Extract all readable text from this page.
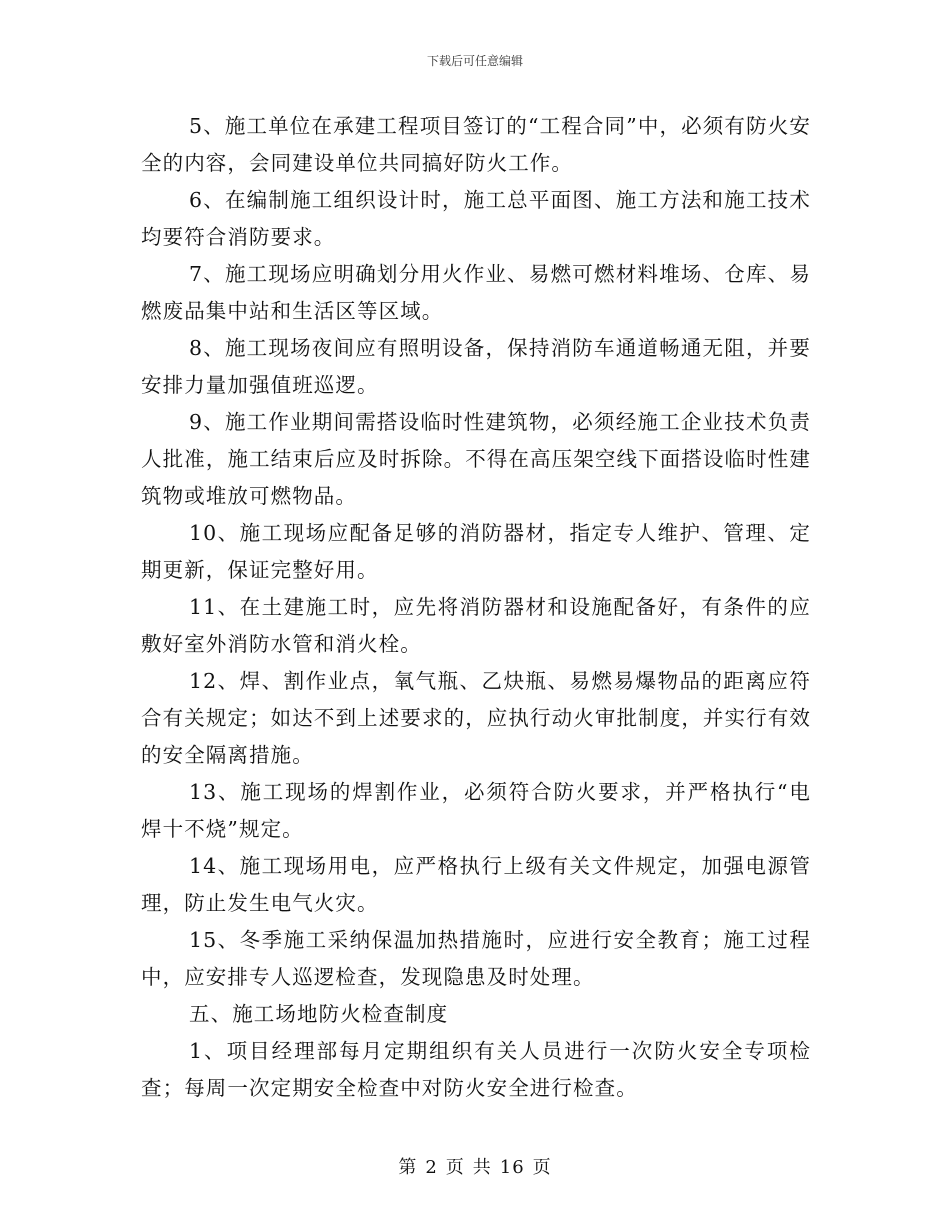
下载后可任意编辑

5、施工单位在承建工程项目签订的“工程合同”中，必须有防火安全的内容，会同建设单位共同搞好防火工作。

6、在编制施工组织设计时，施工总平面图、施工方法和施工技术均要符合消防要求。

7、施工现场应明确划分用火作业、易燃可燃材料堆场、仓库、易燃废品集中站和生活区等区域。

8、施工现场夜间应有照明设备，保持消防车通道畅通无阻，并要安排力量加强值班巡逻。

9、施工作业期间需搭设临时性建筑物，必须经施工企业技术负责人批准，施工结束后应及时拆除。不得在高压架空线下面搭设临时性建筑物或堆放可燃物品。

10、施工现场应配备足够的消防器材，指定专人维护、管理、定期更新，保证完整好用。

11、在土建施工时，应先将消防器材和设施配备好，有条件的应敷好室外消防水管和消火栓。

12、焊、割作业点，氧气瓶、乙炔瓶、易燃易爆物品的距离应符合有关规定；如达不到上述要求的，应执行动火审批制度，并实行有效的安全隔离措施。

13、施工现场的焊割作业，必须符合防火要求，并严格执行“电焊十不烧”规定。

14、施工现场用电，应严格执行上级有关文件规定，加强电源管理，防止发生电气火灾。

15、冬季施工采纳保温加热措施时，应进行安全教育；施工过程中，应安排专人巡逻检查，发现隐患及时处理。

五、施工场地防火检查制度

1、项目经理部每月定期组织有关人员进行一次防火安全专项检查；每周一次定期安全检查中对防火安全进行检查。

第 2 页 共 16 页
